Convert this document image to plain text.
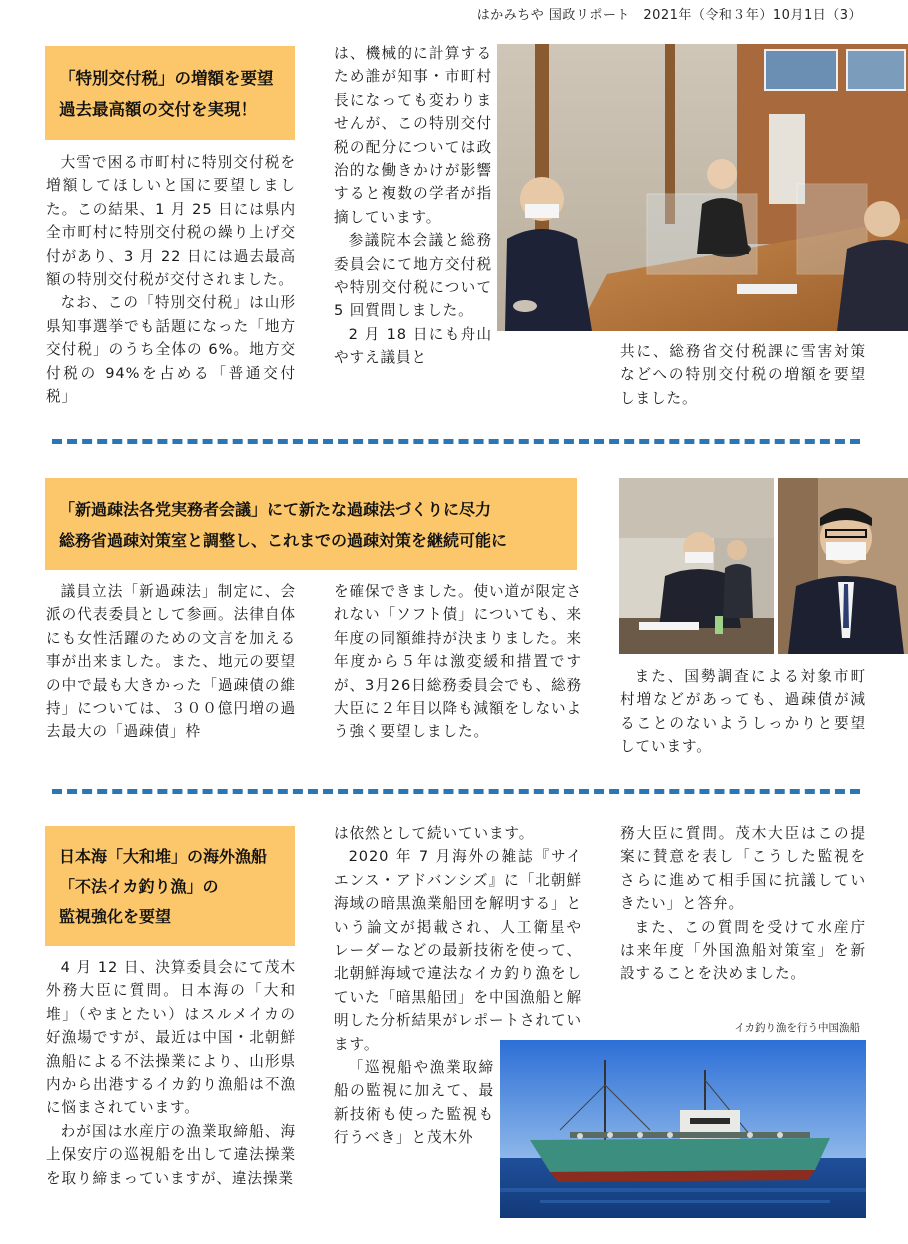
はかみちや 国政リポート　2021年（令和３年）10月1日（3）
「特別交付税」の増額を要望
過去最高額の交付を実現！

大雪で困る市町村に特別交付税を増額してほしいと国に要望しました。この結果、1 月 25 日には県内全市町村に特別交付税の繰り上げ交付があり、3 月 22 日には過去最高額の特別交付税が交付されました。

なお、この「特別交付税」は山形県知事選挙でも話題になった「地方交付税」のうち全体の 6%。地方交付税の 94%を占める「普通交付税」

は、機械的に計算するため誰が知事・市町村長になっても変わりませんが、この特別交付税の配分については政治的な働きかけが影響すると複数の学者が指摘しています。

参議院本会議と総務委員会にて地方交付税や特別交付税について 5 回質問しました。

2 月 18 日にも舟山やすえ議員と	共に、総務省交付税課に雪害対策などへの特別交付税の増額を要望しました。

「新過疎法各党実務者会議」にて新たな過疎法づくりに尽力
総務省過疎対策室と調整し、これまでの過疎対策を継続可能に

議員立法「新過疎法」制定に、会派の代表委員として参画。法律自体にも女性活躍のための文言を加える事が出来ました。また、地元の要望の中で最も大きかった「過疎債の維持」については、３００億円増の過去最大の「過疎債」枠

を確保できました。使い道が限定されない「ソフト債」についても、来年度の同額維持が決まりました。来年度から５年は激変緩和措置ですが、3月26日総務委員会でも、総務大臣に２年目以降も減額をしないよう強く要望しました。

また、国勢調査による対象市町村増などがあっても、過疎債が減ることのないようしっかりと要望しています。

日本海「大和堆」の海外漁船
「不法イカ釣り漁」の
監視強化を要望

4 月 12 日、決算委員会にて茂木外務大臣に質問。日本海の「大和堆」（やまとたい）はスルメイカの好漁場ですが、最近は中国・北朝鮮漁船による不法操業により、山形県内から出港するイカ釣り漁船は不漁に悩まされています。

わが国は水産庁の漁業取締船、海上保安庁の巡視船を出して違法操業を取り締まっていますが、違法操業

は依然として続いています。

2020 年 7 月海外の雑誌『サイエンス・アドバンシズ』に「北朝鮮海域の暗黒漁業船団を解明する」という論文が掲載され、人工衛星やレーダーなどの最新技術を使って、北朝鮮海域で違法なイカ釣り漁をしていた「暗黒船団」を中国漁船と解明した分析結果がレポートされています。

「巡視船や漁業取締船の監視に加えて、最新技術も使った監視も行うべき」と茂木外

務大臣に質問。茂木大臣はこの提案に賛意を表し「こうした監視をさらに進めて相手国に抗議していきたい」と答弁。

また、この質問を受けて水産庁は来年度「外国漁船対策室」を新設することを決めました。

イカ釣り漁を行う中国漁船
